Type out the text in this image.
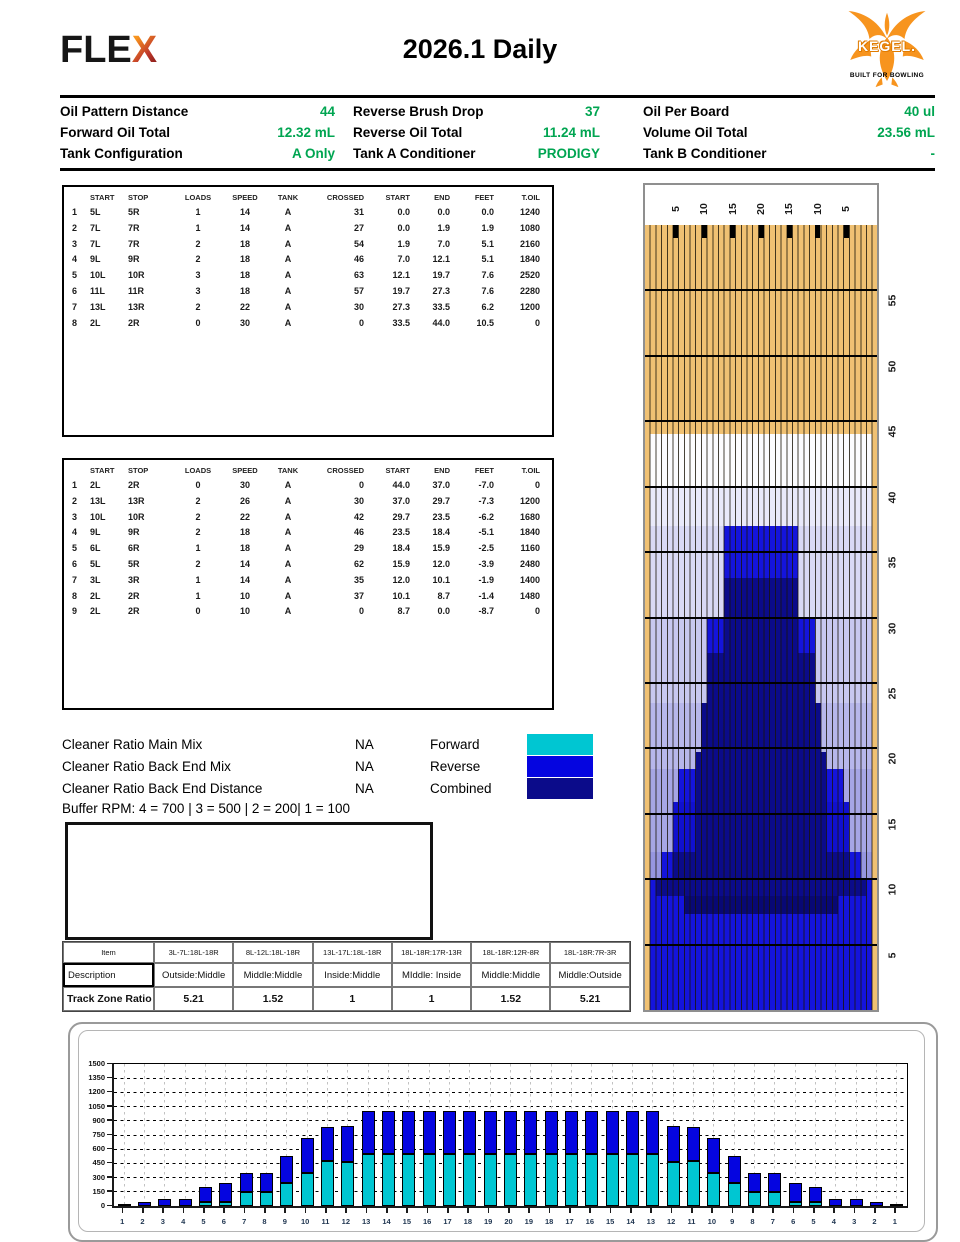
FLEX	2026.1 Daily	KEGEL.
BUILT FOR BOWLING
Oil Pattern Distance	44 Reverse Brush Drop	37	Oil Per Board	40 ul
Forward Oil Total	12.32 mL Reverse Oil Total	11.24 mL	Volume Oil Total	23.56 mL
Tank Configuration	A Only Tank A Conditioner	PRODIGY	Tank B Conditioner	-
START	STOP	LOADS	SPEED	TANK	CROSSED	START	END	FEET	T.OIL
1	5L	5R	1	14	A	31	0.0	0.0	0.0	1240
2	7L	7R	1	14	A	27	0.0	1.9	1.9	1080
3	7L	7R	2	18	A	54	1.9	7.0	5.1	2160
4	9L	9R	2	18	A	46	7.0	12.1	5.1	1840
5	10L	10R	3	18	A	63	12.1	19.7	7.6	2520
6	11L	11R	3	18	A	57	19.7	27.3	7.6	2280
7	13L	13R	2	22	A	30	27.3	33.5	6.2	1200
8	2L	2R	0	30	A	0	33.5	44.0	10.5	0
START	STOP	LOADS	SPEED	TANK	CROSSED	START	END	FEET	T.OIL
1	2L	2R	0	30	A	0	44.0	37.0	-7.0	0
2	13L	13R	2	26	A	30	37.0	29.7	-7.3	1200
3	10L	10R	2	22	A	42	29.7	23.5	-6.2	1680
4	9L	9R	2	18	A	46	23.5	18.4	-5.1	1840
5	6L	6R	1	18	A	29	18.4	15.9	-2.5	1160
6	5L	5R	2	14	A	62	15.9	12.0	-3.9	2480
7	3L	3R	1	14	A	35	12.0	10.1	-1.9	1400
8	2L	2R	1	10	A	37	10.1	8.7	-1.4	1480
9	2L	2R	0	10	A	0	8.7	0.0	-8.7	0
Cleaner Ratio Main Mix	NA	Forward
Cleaner Ratio Back End Mix	NA	Reverse
Cleaner Ratio Back End Distance	NA	Combined
Buffer RPM: 4 = 700 | 3 = 500 | 2 = 200| 1 = 100
Item	3L-7L:18L-18R	8L-12L:18L-18R	13L-17L:18L-18R	18L-18R:17R-13R	18L-18R:12R-8R	18L-18R:7R-3R
Description	Outside:Middle	Middle:Middle	Inside:Middle	MIddle: Inside	Middle:Middle	Middle:Outside
Track Zone Ratio	5.21	1.52	1	1	1.52	5.21
5 10 15 20 15 10 5
55
50
45
40
35
30
25
20
15
10
5
0
150
300
450
600
750
900
1050
1200
1350
1500
1	2	3	4	5	6	7	8	9	10	11	12	13	14	15	16	17	18	19	20	19	18	17	16	15	14	13	12	11	10	9	8	7	6	5	4	3	2	1
